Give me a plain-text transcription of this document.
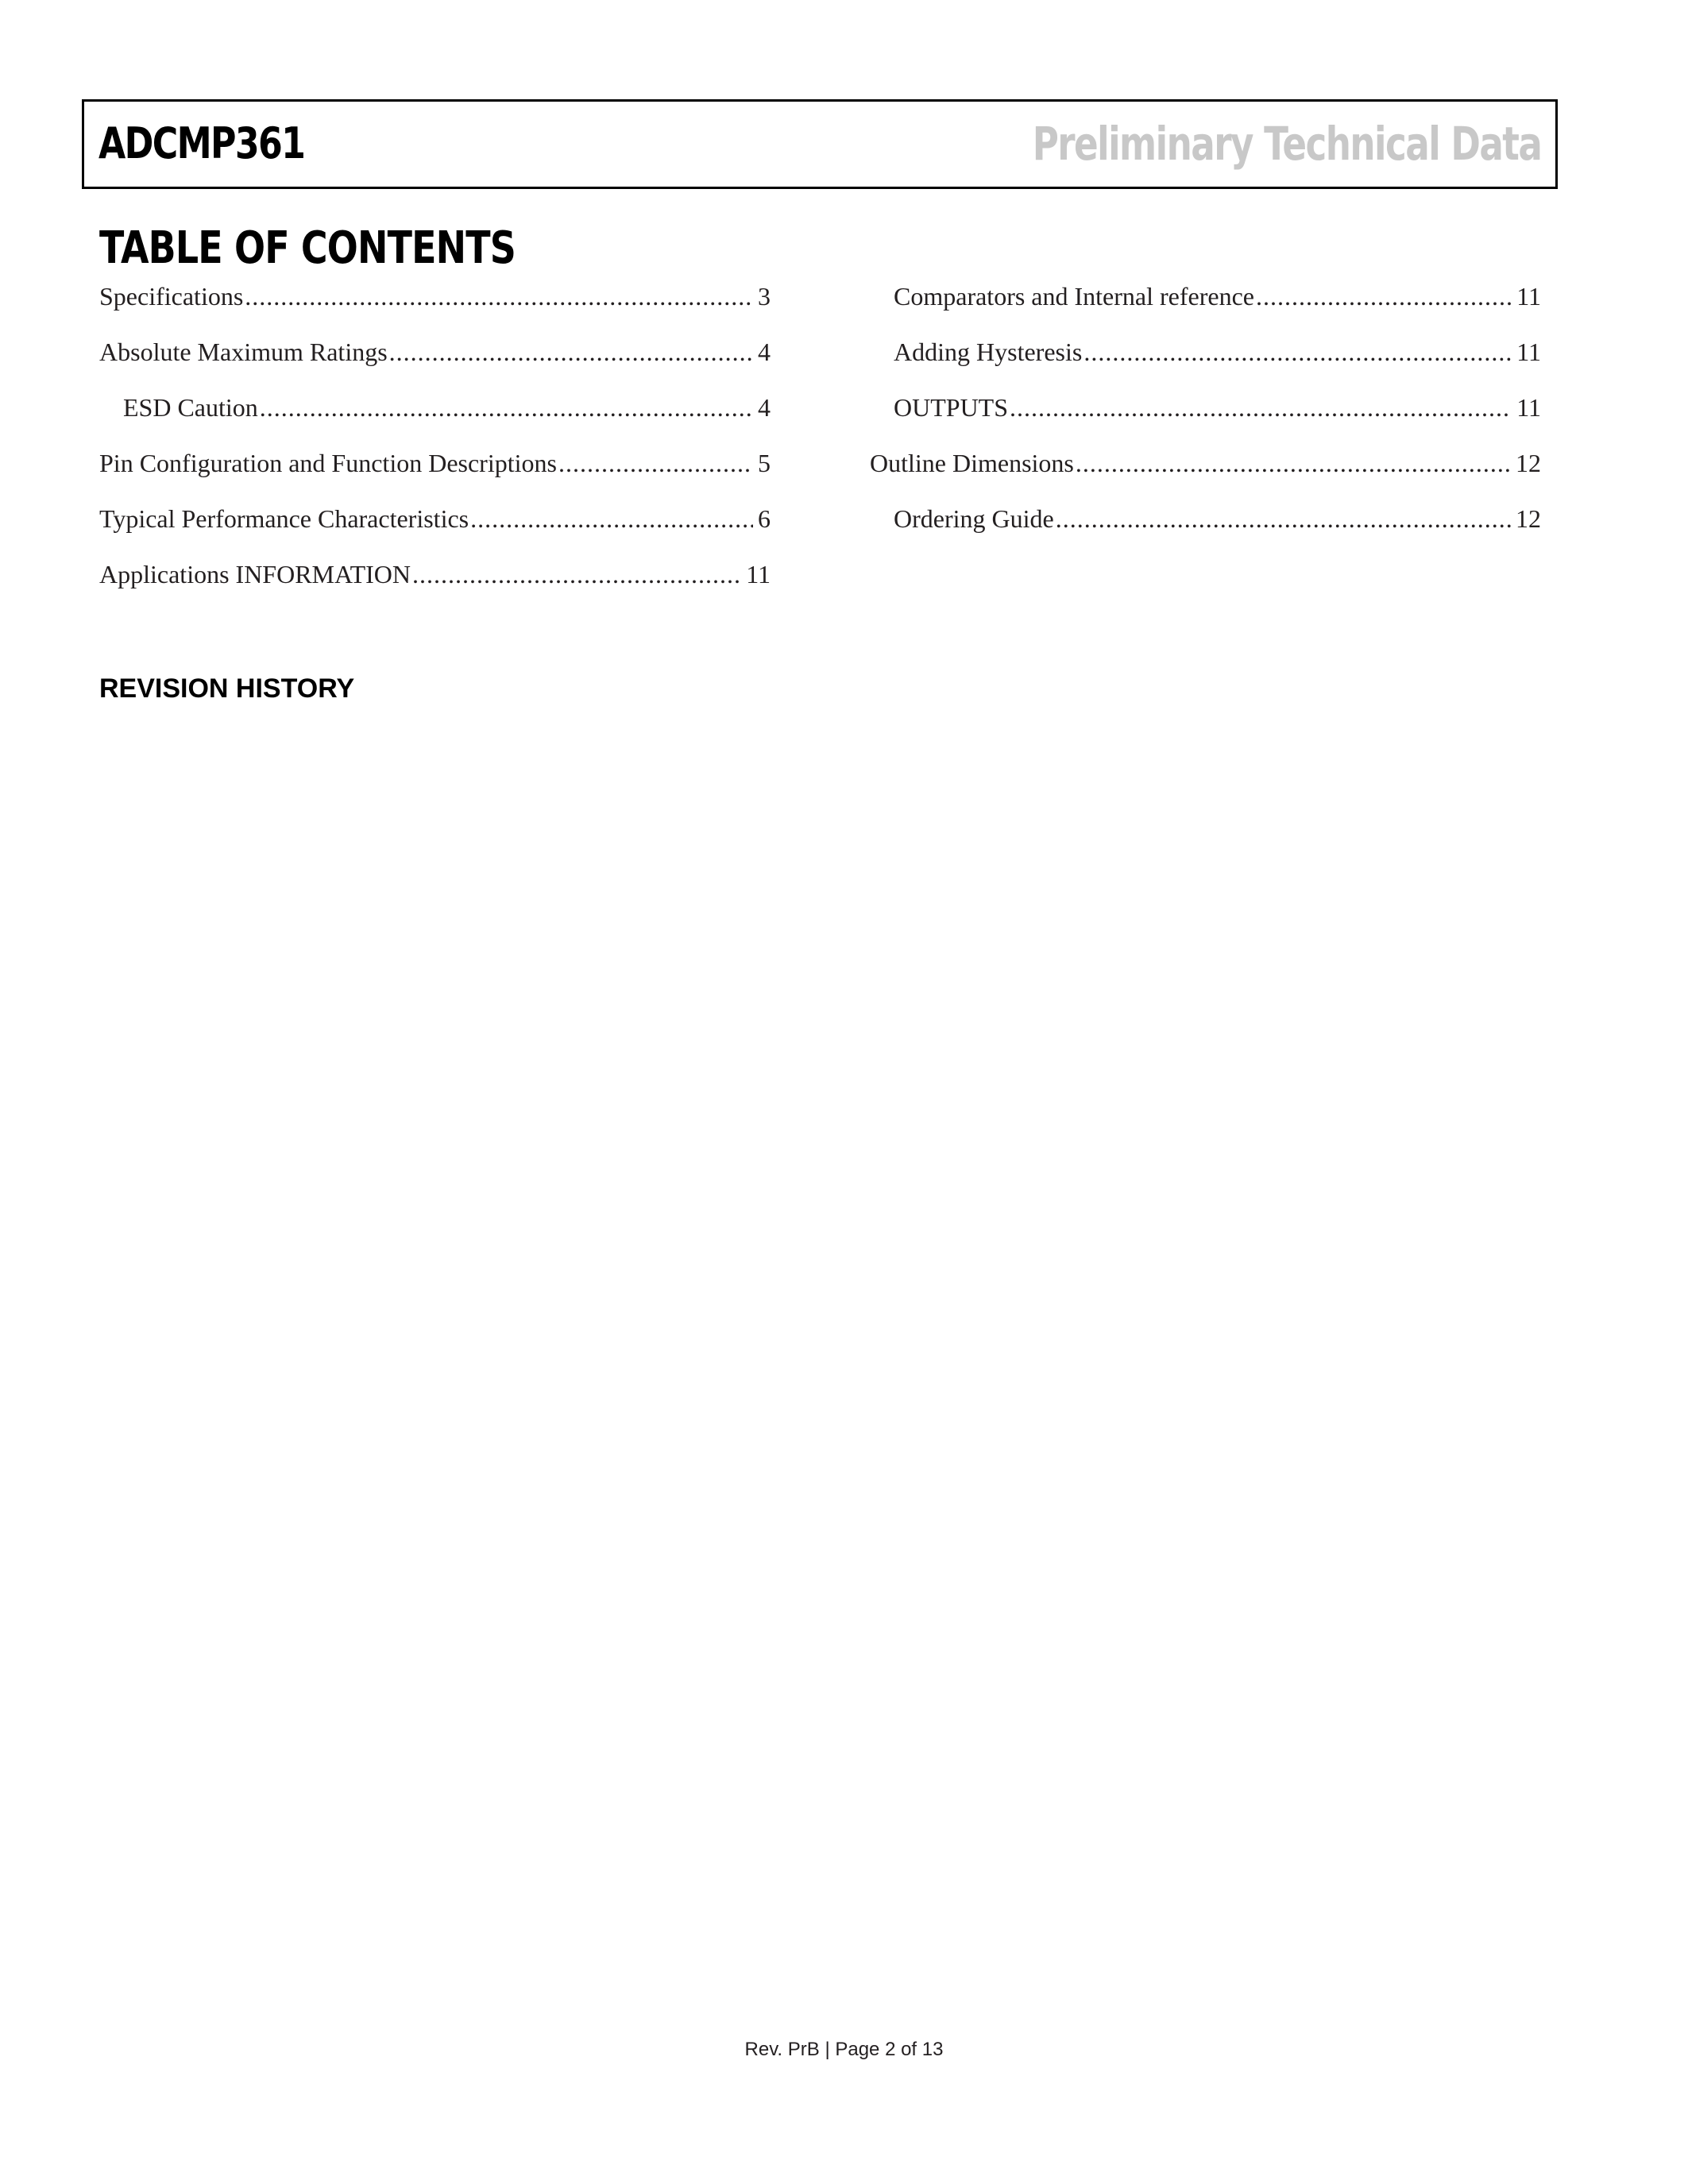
ADCMP361	Preliminary Technical Data
TABLE OF CONTENTS
Specifications .....	3
Absolute Maximum Ratings .....	4
ESD Caution .....	4
Pin Configuration and Function Descriptions .....	5
Typical Performance Characteristics .....	6
Applications INFORMATION .....	11
Comparators and Internal reference .....	11
Adding Hysteresis .....	11
OUTPUTS .....	11
Outline Dimensions .....	12
Ordering Guide .....	12
REVISION HISTORY
Rev. PrB | Page 2 of 13
